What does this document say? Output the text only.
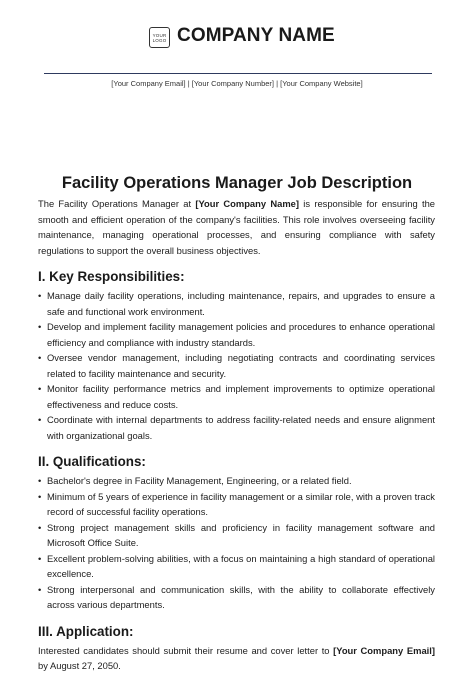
YOUR
LOGO COMPANY NAME
[Your Company Email] | [Your Company Number] | [Your Company Website]
Facility Operations Manager Job Description

The Facility Operations Manager at [Your Company Name] is responsible for ensuring the smooth and efficient operation of the company's facilities. This role involves overseeing facility maintenance, managing operational processes, and ensuring compliance with safety regulations to support the overall business objectives.

I. Key Responsibilities:
• Manage daily facility operations, including maintenance, repairs, and upgrades to ensure a safe and functional work environment.
• Develop and implement facility management policies and procedures to enhance operational efficiency and compliance with industry standards.
• Oversee vendor management, including negotiating contracts and coordinating services related to facility maintenance and security.
• Monitor facility performance metrics and implement improvements to optimize operational effectiveness and reduce costs.
• Coordinate with internal departments to address facility-related needs and ensure alignment with organizational goals.
II. Qualifications:
• Bachelor's degree in Facility Management, Engineering, or a related field.
• Minimum of 5 years of experience in facility management or a similar role, with a proven track record of successful facility operations.
• Strong project management skills and proficiency in facility management software and Microsoft Office Suite.
• Excellent problem-solving abilities, with a focus on maintaining a high standard of operational excellence.
• Strong interpersonal and communication skills, with the ability to collaborate effectively across various departments.
III. Application:

Interested candidates should submit their resume and cover letter to [Your Company Email] by August 27, 2050.
